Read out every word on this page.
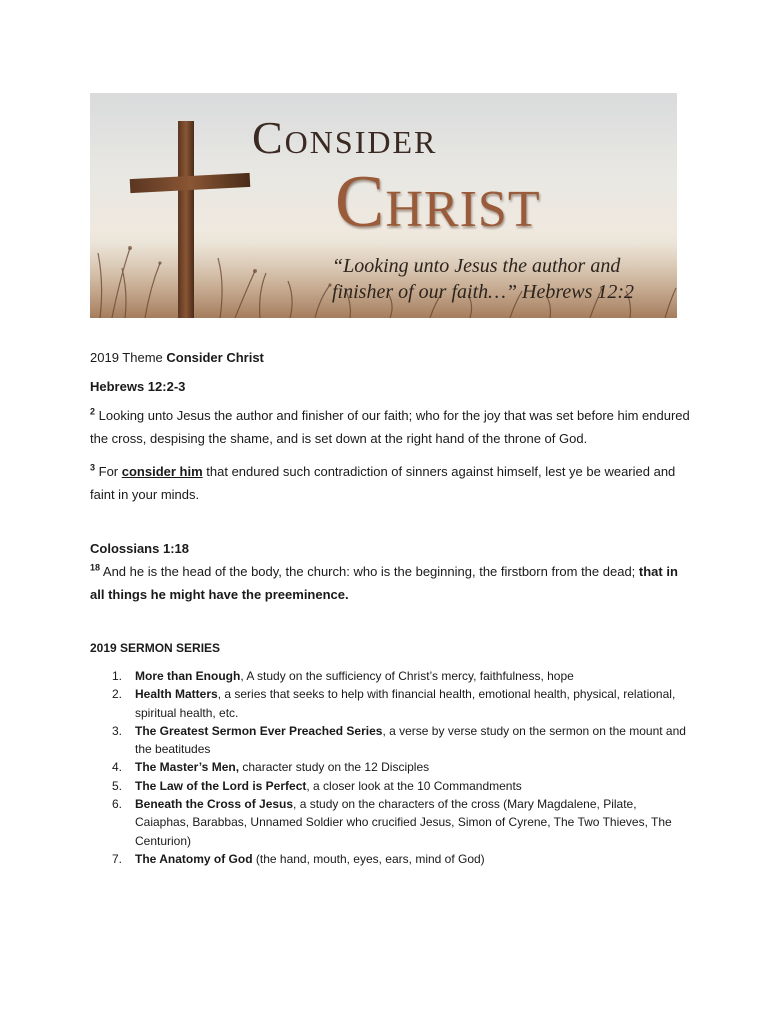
Consider
Christ
“Looking unto Jesus the author and
finisher of our faith…” Hebrews 12:2

2019 Theme Consider Christ

Hebrews 12:2-3

$^2$ Looking unto Jesus the author and finisher of our faith; who for the joy that was set before him endured the cross, despising the shame, and is set down at the right hand of the throne of God.

$^3$ For consider him that endured such contradiction of sinners against himself, lest ye be wearied and faint in your minds.

Colossians 1:18

$^{18}$ And he is the head of the body, the church: who is the beginning, the firstborn from the dead; that in all things he might have the preeminence.

2019 SERMON SERIES

1. More than Enough, A study on the sufficiency of Christ’s mercy, faithfulness, hope
2. Health Matters, a series that seeks to help with financial health, emotional health, physical, relational, spiritual health, etc.
3. The Greatest Sermon Ever Preached Series, a verse by verse study on the sermon on the mount and the beatitudes
4. The Master’s Men, character study on the 12 Disciples
5. The Law of the Lord is Perfect, a closer look at the 10 Commandments
6. Beneath the Cross of Jesus, a study on the characters of the cross (Mary Magdalene, Pilate, Caiaphas, Barabbas, Unnamed Soldier who crucified Jesus, Simon of Cyrene, The Two Thieves, The Centurion)
7. The Anatomy of God (the hand, mouth, eyes, ears, mind of God)
